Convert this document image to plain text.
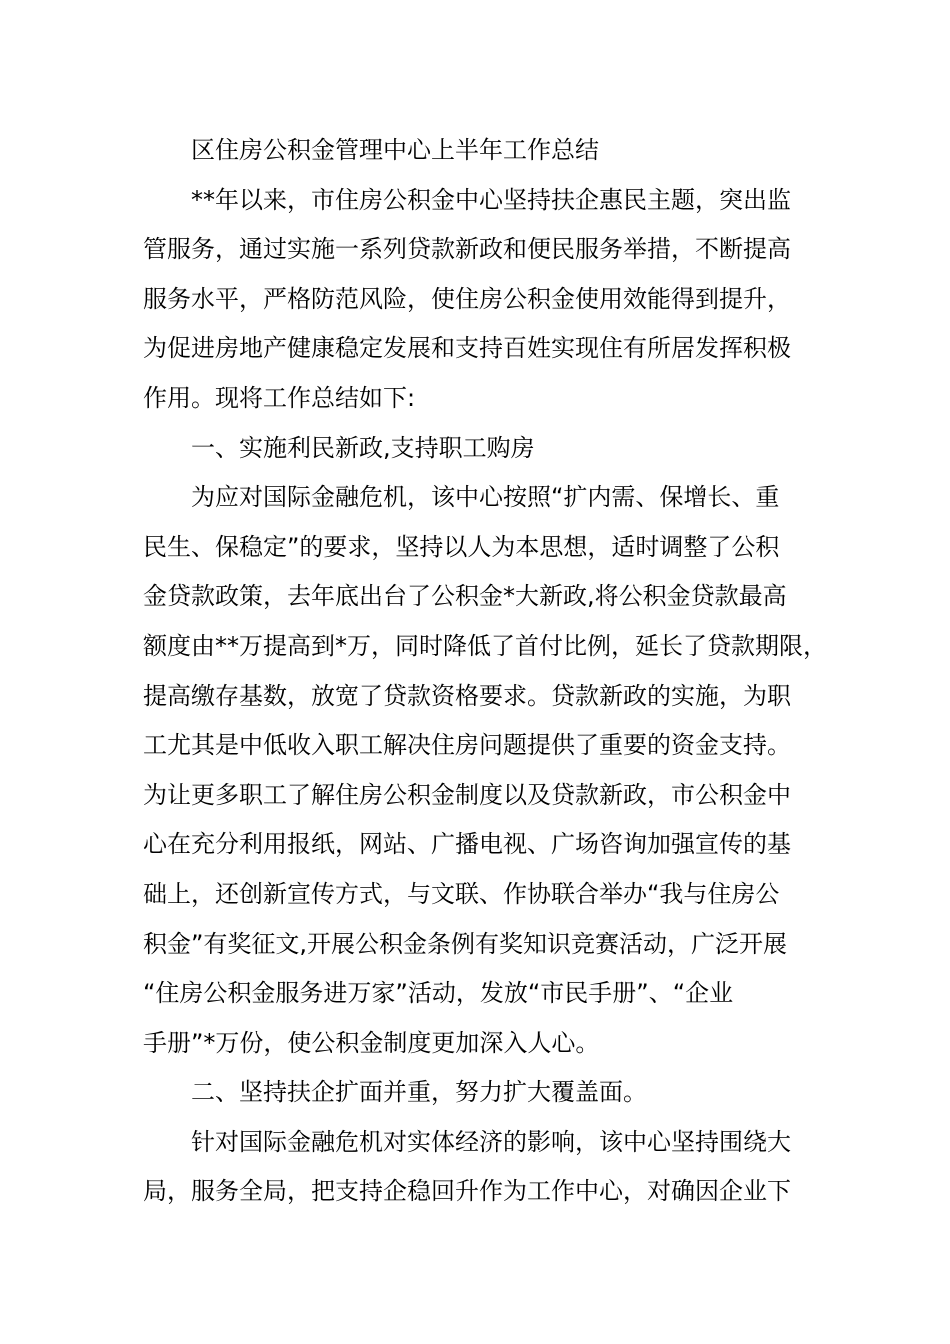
区住房公积金管理中心上半年工作总结
**年以来，市住房公积金中心坚持扶企惠民主题，突出监
管服务，通过实施一系列贷款新政和便民服务举措，不断提高
服务水平，严格防范风险，使住房公积金使用效能得到提升，
为促进房地产健康稳定发展和支持百姓实现住有所居发挥积极
作用。现将工作总结如下:
一、实施利民新政,支持职工购房
为应对国际金融危机，该中心按照“扩内需、保增长、重
民生、保稳定”的要求，坚持以人为本思想，适时调整了公积
金贷款政策，去年底出台了公积金*大新政,将公积金贷款最高
额度由**万提高到*万，同时降低了首付比例，延长了贷款期限，
提高缴存基数，放宽了贷款资格要求。贷款新政的实施，为职
工尤其是中低收入职工解决住房问题提供了重要的资金支持。
为让更多职工了解住房公积金制度以及贷款新政，市公积金中
心在充分利用报纸，网站、广播电视、广场咨询加强宣传的基
础上，还创新宣传方式，与文联、作协联合举办“我与住房公
积金”有奖征文,开展公积金条例有奖知识竞赛活动，广泛开展
“住房公积金服务进万家”活动，发放“市民手册”、“企业
手册”*万份，使公积金制度更加深入人心。
二、坚持扶企扩面并重，努力扩大覆盖面。
针对国际金融危机对实体经济的影响，该中心坚持围绕大
局，服务全局，把支持企稳回升作为工作中心，对确因企业下
